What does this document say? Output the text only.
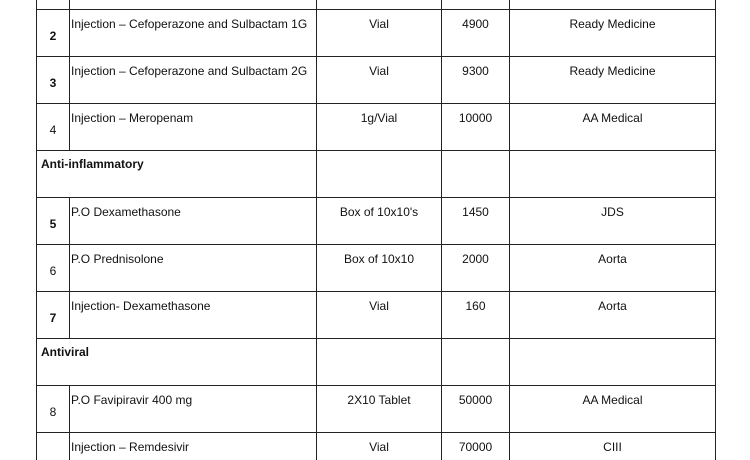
2	Injection – Cefoperazone and Sulbactam 1G	Vial	4900	Ready Medicine
3	Injection – Cefoperazone and Sulbactam 2G	Vial	9300	Ready Medicine
4	Injection – Meropenam	1g/Vial	10000	AA Medical
Anti-inflammatory				
5	P.O Dexamethasone	Box of 10x10's	1450	JDS
6	P.O Prednisolone	Box of 10x10	2000	Aorta
7	Injection- Dexamethasone	Vial	160	Aorta
Antiviral				
8	P.O Favipiravir 400 mg	2X10 Tablet	50000	AA Medical
	Injection – Remdesivir	Vial	70000	CIII
